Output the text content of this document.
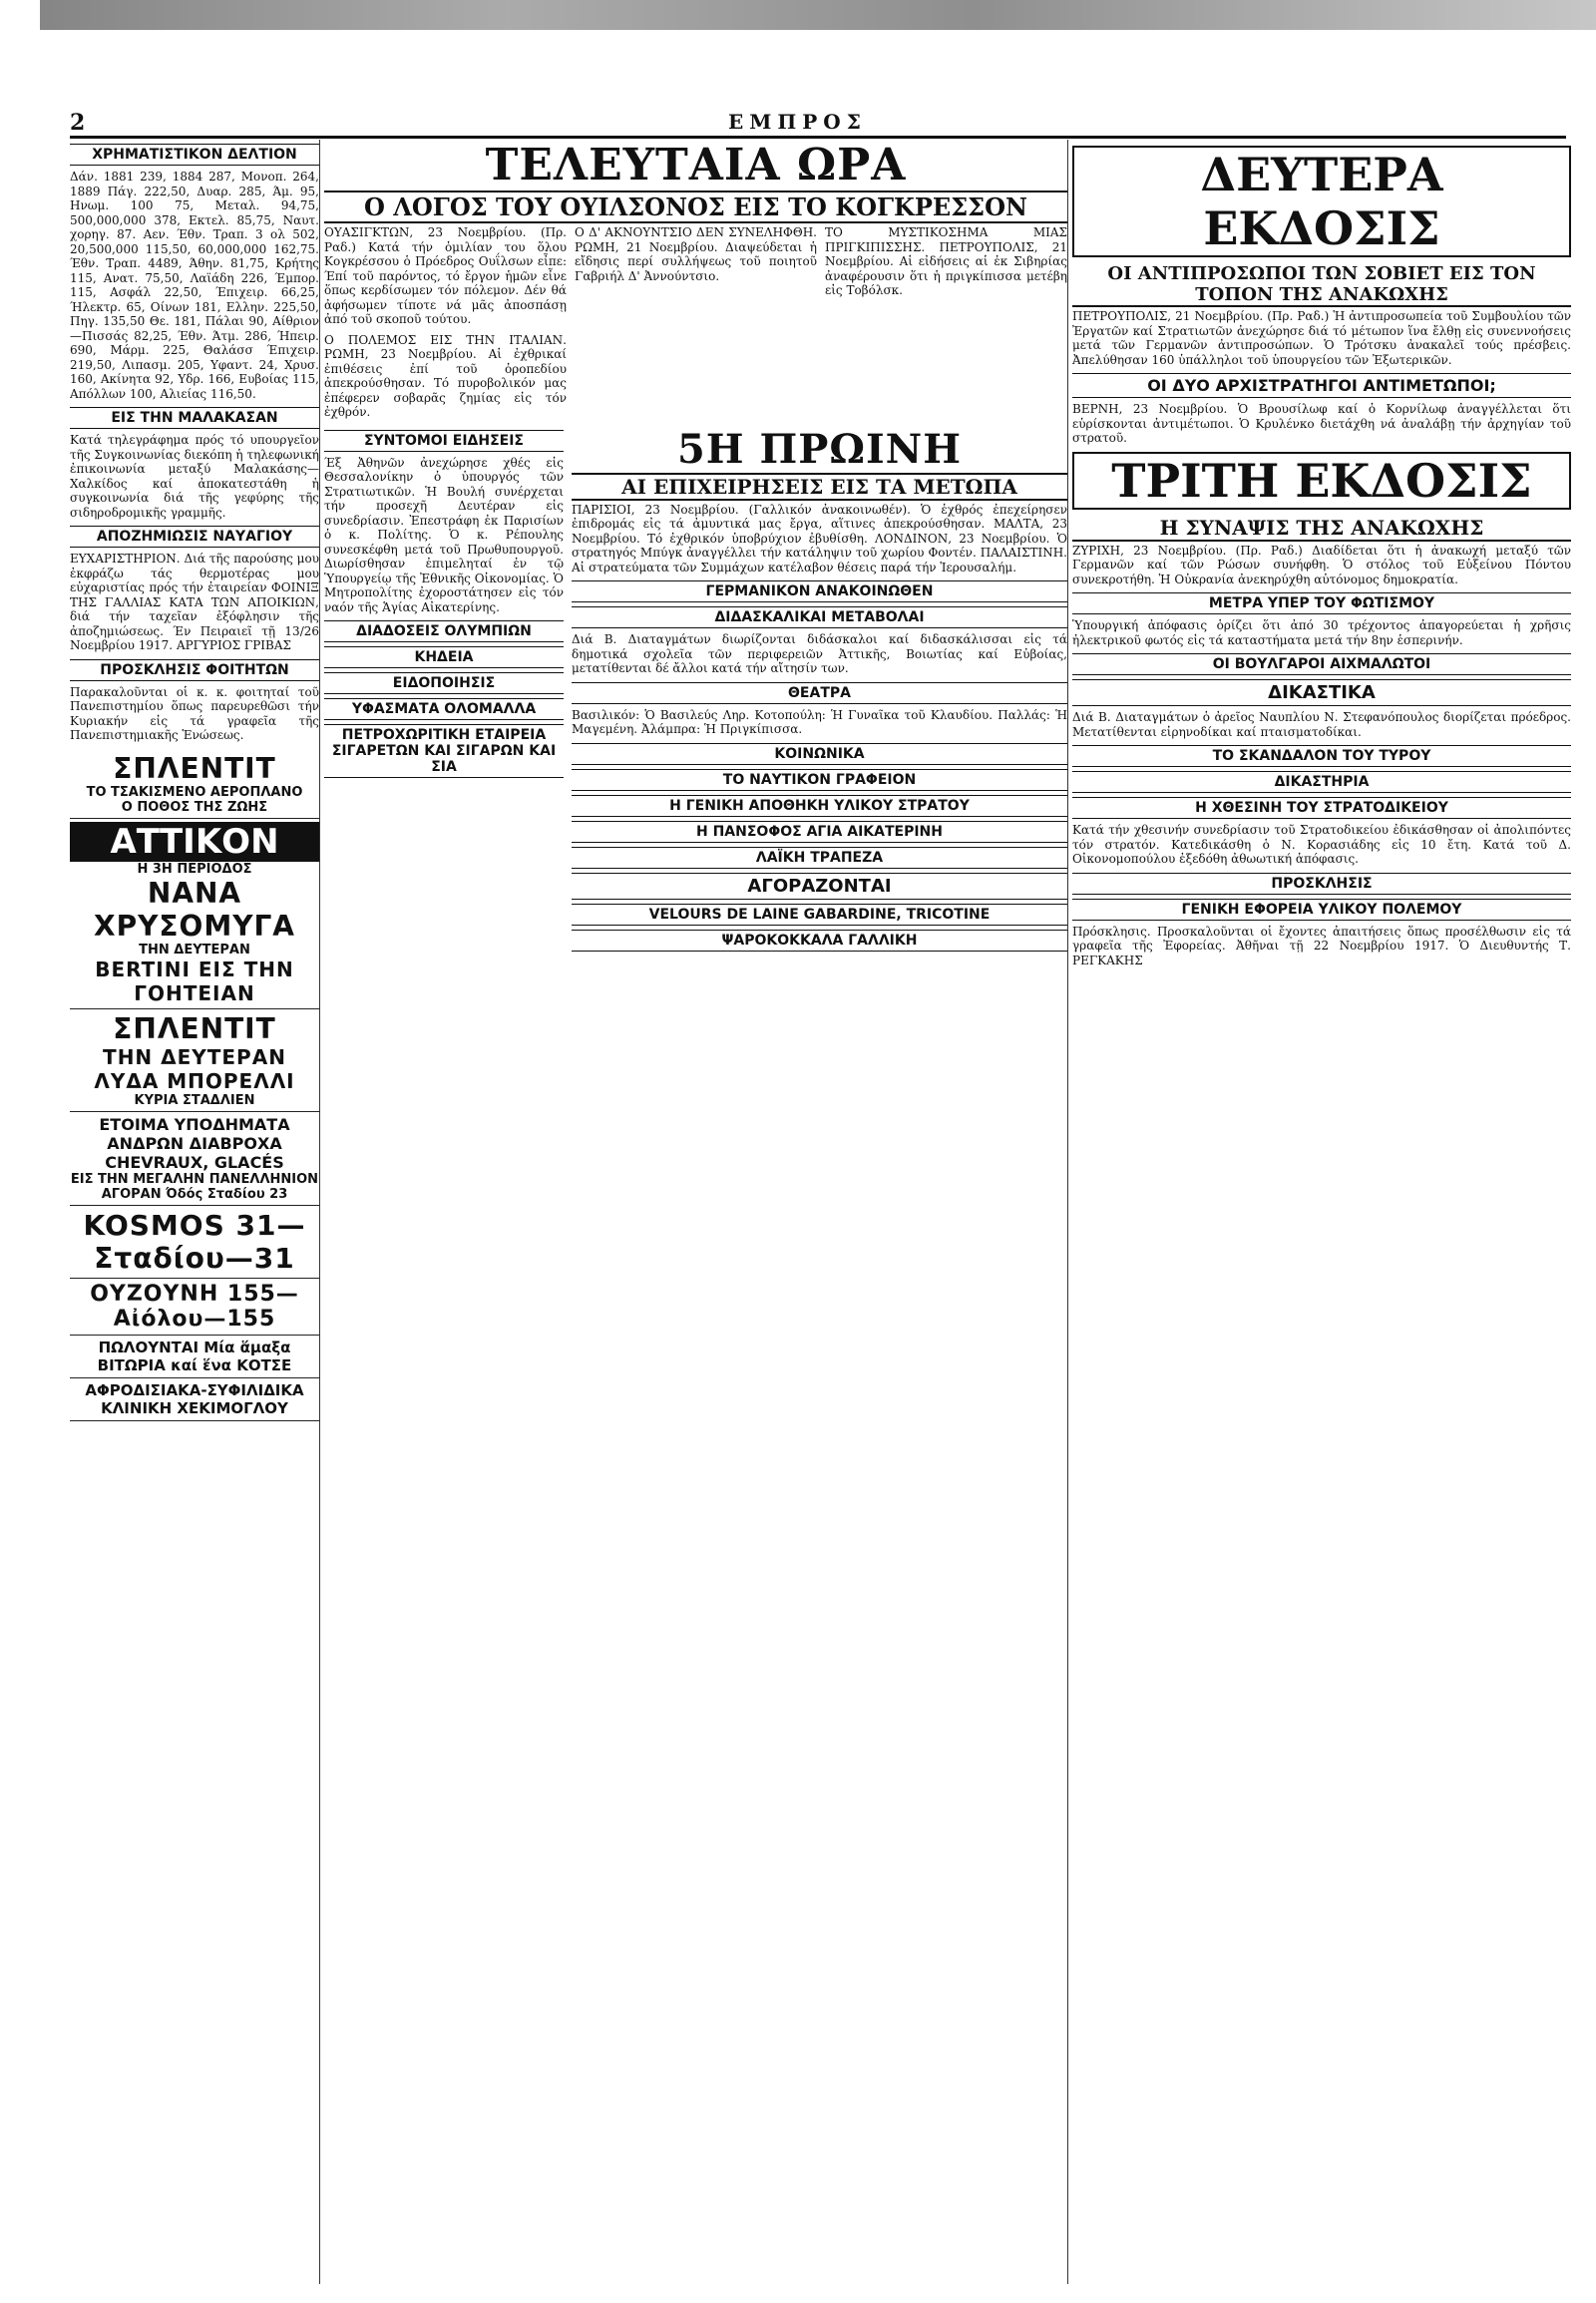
2	ΕΜΠΡΟΣ
ΧΡΗΜΑΤΙΣΤΙΚΟΝ ΔΕΛΤΙΟΝ

Δάν. 1881 239, 1884 287, Μονοπ. 264, 1889 Πάγ. 222,50, Δυαρ. 285, Άμ. 95, Ηνωμ. 100 75, Μεταλ. 94,75, 500,000,000 378, Εκτελ. 85,75, Ναυτ. χορηγ. 87. Αεν. Έθν. Τραπ. 3 ολ 502, 20,500,000 115,50, 60,000,000 162,75. Έθν. Τραπ. 4489, Άθην. 81,75, Κρήτης 115, Ανατ. 75,50, Λαϊάδη 226, Έμπορ. 115, Ασφάλ 22,50, Έπιχειρ. 66,25, Ήλεκτρ. 65, Οίνων 181, Ελλην. 225,50, Πηγ. 135,50 Θε. 181, Πάλαι 90, Αίθριον—Πισσάς 82,25, Έθν. Άτμ. 286, Ήπειρ. 690, Μάρμ. 225, Θαλάσσ Έπιχειρ. 219,50, Λιπασμ. 205, Υφαντ. 24, Χρυσ. 160, Ακίνητα 92, Υδρ. 166, Ευβοίας 115, Απόλλων 100, Αλιείας 116,50.

ΕΙΣ ΤΗΝ ΜΑΛΑΚΑΣΑΝ

Κατά τηλεγράφημα πρός τό υπουργεῖον τῆς Συγκοινωνίας διεκόπη ἡ τηλεφωνική ἐπικοινωνία μεταξύ Μαλακάσης—Χαλκίδος καί ἀποκατεστάθη ἡ συγκοινωνία διά τῆς γεφύρης τῆς σιδηροδρομικῆς γραμμῆς.

ΑΠΟΖΗΜΙΩΣΙΣ ΝΑΥΑΓΙΟΥ

ΕΥΧΑΡΙΣΤΗΡΙΟΝ. Διά τῆς παρούσης μου ἐκφράζω τάς θερμοτέρας μου εὐχαριστίας πρός τήν ἐταιρείαν ΦΟΙΝΙΞ ΤΗΣ ΓΑΛΛΙΑΣ ΚΑΤΑ ΤΩΝ ΑΠΟΙΚΙΩΝ, διά τήν ταχεῖαν ἐξόφλησιν τῆς ἀποζημιώσεως. Έν Πειραιεῖ τῇ 13/26 Νοεμβρίου 1917. ΑΡΓΥΡΙΟΣ ΓΡΙΒΑΣ

ΠΡΟΣΚΛΗΣΙΣ ΦΟΙΤΗΤΩΝ

Παρακαλοῦνται οἱ κ. κ. φοιτηταί τοῦ Πανεπιστημίου ὅπως παρευρεθῶσι τήν Κυριακήν εἰς τά γραφεῖα τῆς Πανεπιστημιακῆς Ἑνώσεως.

ΣΠΛΕΝΤΙΤ
ΤΟ ΤΣΑΚΙΣΜΕΝΟ ΑΕΡΟΠΛΑΝΟ
Ο ΠΟΘΟΣ ΤΗΣ ΖΩΗΣ
ΑΤΤΙΚΟΝ
Η 3Η ΠΕΡΙΟΔΟΣ
ΝΑΝΑ ΧΡΥΣΟΜΥΓΑ
ΤΗΝ ΔΕΥΤΕΡΑΝ
BERTINI ΕΙΣ ΤΗΝ ΓΟΗΤΕΙΑΝ
ΣΠΛΕΝΤΙΤ
ΤΗΝ ΔΕΥΤΕΡΑΝ ΛΥΔΑ ΜΠΟΡΕΛΛΙ
ΚΥΡΙΑ ΣΤΑΔΛΙΕΝ
ΕΤΟΙΜΑ ΥΠΟΔΗΜΑΤΑ ΑΝΔΡΩΝ ΔΙΑΒΡΟΧΑ CHEVRAUX, GLACÉS
ΕΙΣ ΤΗΝ ΜΕΓΑΛΗΝ ΠΑΝΕΛΛΗΝΙΟΝ ΑΓΟΡΑΝ Όδός Σταδίου 23
KOSMOS 31—Σταδίου—31
ΟΥΖΟΥΝΗ 155—Αἰόλου—155
ΠΩΛΟΥΝΤΑΙ Μία ἅμαξα ΒΙΤΩΡΙΑ καί ἕνα ΚΟΤΣΕ
ΑΦΡΟΔΙΣΙΑΚΑ-ΣΥΦΙΛΙΔΙΚΑ ΚΛΙΝΙΚΗ ΧΕΚΙΜΟΓΛΟΥ
ΤΕΛΕΥΤΑΙΑ ΩΡΑ
Ο ΛΟΓΟΣ ΤΟΥ ΟΥΙΛΣΟΝΟΣ ΕΙΣ ΤΟ ΚΟΓΚΡΕΣΣΟΝ

ΟΥΑΣΙΓΚΤΩΝ, 23 Νοεμβρίου. (Πρ. Ραδ.) Κατά τήν ὁμιλίαν του ὅλου Κογκρέσσου ὁ Πρόεδρος Ουΐλσων εἶπε: Έπί τοῦ παρόντος, τό ἔργον ἡμῶν εἶνε ὅπως κερδίσωμεν τόν πόλεμον. Δέν θά ἀφήσωμεν τίποτε νά μᾶς ἀποσπάσῃ ἀπό τοῦ σκοποῦ τούτου.

Ο ΠΟΛΕΜΟΣ ΕΙΣ ΤΗΝ ΙΤΑΛΙΑΝ. ΡΩΜΗ, 23 Νοεμβρίου. Αἱ ἐχθρικαί ἐπιθέσεις ἐπί τοῦ ὀροπεδίου ἀπεκρούσθησαν. Τό πυροβολικόν μας ἐπέφερεν σοβαρᾶς ζημίας εἰς τόν ἐχθρόν.

Ο Δ' ΑΚΝΟΥΝΤΣΙΟ ΔΕΝ ΣΥΝΕΛΗΦΘΗ. ΡΩΜΗ, 21 Νοεμβρίου. Διαψεύδεται ἡ εἴδησις περί συλλήψεως τοῦ ποιητοῦ Γαβριήλ Δ' Ἀννούντσιο.

ΤΟ ΜΥΣΤΙΚΟΣΗΜΑ ΜΙΑΣ ΠΡΙΓΚΙΠΙΣΣΗΣ. ΠΕΤΡΟΥΠΟΛΙΣ, 21 Νοεμβρίου. Αἱ εἰδήσεις αἱ ἐκ Σιβηρίας ἀναφέρουσιν ὅτι ἡ πριγκίπισσα μετέβη εἰς Τοβόλσκ.

ΣΥΝΤΟΜΟΙ ΕΙΔΗΣΕΙΣ

Έξ Ἀθηνῶν ἀνεχώρησε χθές εἰς Θεσσαλονίκην ὁ ὑπουργός τῶν Στρατιωτικῶν. Ἡ Βουλή συνέρχεται τήν προσεχῆ Δευτέραν εἰς συνεδρίασιν. Ἐπεστράφη ἐκ Παρισίων ὁ κ. Πολίτης. Ὁ κ. Ρέπουλης συνεσκέφθη μετά τοῦ Πρωθυπουργοῦ. Διωρίσθησαν ἐπιμεληταί ἐν τῷ Ὑπουργείῳ τῆς Ἐθνικῆς Οἰκονομίας. Ὁ Μητροπολίτης ἐχοροστάτησεν εἰς τόν ναόν τῆς Ἁγίας Αἰκατερίνης.

ΔΙΑΔΟΣΕΙΣ ΟΛΥΜΠΙΩΝ
ΚΗΔΕΙΑ
ΕΙΔΟΠΟΙΗΣΙΣ
ΥΦΑΣΜΑΤΑ ΟΛΟΜΑΛΛΑ
ΠΕΤΡΟΧΩΡΙΤΙΚΗ ΕΤΑΙΡΕΙΑ ΣΙΓΑΡΕΤΩΝ ΚΑΙ ΣΙΓΑΡΩΝ ΚΑΙ ΣΙΑ
5Η ΠΡΩΙΝΗ
ΑΙ ΕΠΙΧΕΙΡΗΣΕΙΣ ΕΙΣ ΤΑ ΜΕΤΩΠΑ

ΠΑΡΙΣΙΟΙ, 23 Νοεμβρίου. (Γαλλικόν ἀνακοινωθέν). Ὁ ἐχθρός ἐπεχείρησεν ἐπιδρομάς εἰς τά ἀμυντικά μας ἔργα, αἵτινες ἀπεκρούσθησαν. ΜΑΛΤΑ, 23 Νοεμβρίου. Τό ἐχθρικόν ὑποβρύχιον ἐβυθίσθη. ΛΟΝΔΙΝΟΝ, 23 Νοεμβρίου. Ὁ στρατηγός Μπύγκ ἀναγγέλλει τήν κατάληψιν τοῦ χωρίου Φοντέν. ΠΑΛΑΙΣΤΙΝΗ. Αἱ στρατεύματα τῶν Συμμάχων κατέλαβον θέσεις παρά τήν Ἱερουσαλήμ.

ΓΕΡΜΑΝΙΚΟΝ ΑΝΑΚΟΙΝΩΘΕΝ
ΔΙΔΑΣΚΑΛΙΚΑΙ ΜΕΤΑΒΟΛΑΙ

Διά Β. Διαταγμάτων διωρίζονται διδάσκαλοι καί διδασκάλισσαι εἰς τά δημοτικά σχολεῖα τῶν περιφερειῶν Ἀττικῆς, Βοιωτίας καί Εὐβοίας, μετατίθενται δέ ἄλλοι κατά τήν αἴτησίν των.

ΘΕΑΤΡΑ

Βασιλικόν: Ὁ Βασιλεύς Ληρ. Κοτοπούλη: Ἡ Γυναῖκα τοῦ Κλαυδίου. Παλλάς: Ἡ Μαγεμένη. Ἀλάμπρα: Ἡ Πριγκίπισσα.

ΚΟΙΝΩΝΙΚΑ
ΤΟ ΝΑΥΤΙΚΟΝ ΓΡΑΦΕΙΟΝ
Η ΓΕΝΙΚΗ ΑΠΟΘΗΚΗ ΥΛΙΚΟΥ ΣΤΡΑΤΟΥ
Η ΠΑΝΣΟΦΟΣ ΑΓΙΑ ΑΙΚΑΤΕΡΙΝΗ
ΛΑΪΚΗ ΤΡΑΠΕΖΑ
ΑΓΟΡΑΖΟΝΤΑΙ
VELOURS DE LAINE GABARDINE, TRICOTINE
ΨΑΡΟΚΟΚΚΑΛΑ ΓΑΛΛΙΚΗ
ΔΕΥΤΕΡΑ ΕΚΔΟΣΙΣ
ΟΙ ΑΝΤΙΠΡΟΣΩΠΟΙ ΤΩΝ ΣΟΒΙΕΤ ΕΙΣ ΤΟΝ ΤΟΠΟΝ ΤΗΣ ΑΝΑΚΩΧΗΣ

ΠΕΤΡΟΥΠΟΛΙΣ, 21 Νοεμβρίου. (Πρ. Ραδ.) Ἡ ἀντιπροσωπεία τοῦ Συμβουλίου τῶν Ἐργατῶν καί Στρατιωτῶν ἀνεχώρησε διά τό μέτωπον ἵνα ἔλθῃ εἰς συνεννοήσεις μετά τῶν Γερμανῶν ἀντιπροσώπων. Ὁ Τρότσκυ ἀνακαλεῖ τούς πρέσβεις. Ἀπελύθησαν 160 ὑπάλληλοι τοῦ ὑπουργείου τῶν Ἐξωτερικῶν.

ΟΙ ΔΥΟ ΑΡΧΙΣΤΡΑΤΗΓΟΙ ΑΝΤΙΜΕΤΩΠΟΙ;

ΒΕΡΝΗ, 23 Νοεμβρίου. Ὁ Βρουσίλωφ καί ὁ Κορνίλωφ ἀναγγέλλεται ὅτι εὑρίσκονται ἀντιμέτωποι. Ὁ Κρυλένκο διετάχθη νά ἀναλάβῃ τήν ἀρχηγίαν τοῦ στρατοῦ.

ΤΡΙΤΗ ΕΚΔΟΣΙΣ
Η ΣΥΝΑΨΙΣ ΤΗΣ ΑΝΑΚΩΧΗΣ

ΖΥΡΙΧΗ, 23 Νοεμβρίου. (Πρ. Ραδ.) Διαδίδεται ὅτι ἡ ἀνακωχή μεταξύ τῶν Γερμανῶν καί τῶν Ρώσων συνήφθη. Ὁ στόλος τοῦ Εὐξείνου Πόντου συνεκροτήθη. Ἡ Οὐκρανία ἀνεκηρύχθη αὐτόνομος δημοκρατία.

ΜΕΤΡΑ ΥΠΕΡ ΤΟΥ ΦΩΤΙΣΜΟΥ

Ὑπουργική ἀπόφασις ὁρίζει ὅτι ἀπό 30 τρέχοντος ἀπαγορεύεται ἡ χρῆσις ἠλεκτρικοῦ φωτός εἰς τά καταστήματα μετά τήν 8ην ἑσπερινήν.

ΟΙ ΒΟΥΛΓΑΡΟΙ ΑΙΧΜΑΛΩΤΟΙ
ΔΙΚΑΣΤΙΚΑ

Διά Β. Διαταγμάτων ὁ ἀρεῖος Ναυπλίου Ν. Στεφανόπουλος διορίζεται πρόεδρος. Μετατίθενται εἰρηνοδίκαι καί πταισματοδίκαι.

ΤΟ ΣΚΑΝΔΑΛΟΝ ΤΟΥ ΤΥΡΟΥ
ΔΙΚΑΣΤΗΡΙΑ
Η ΧΘΕΣΙΝΗ ΤΟΥ ΣΤΡΑΤΟΔΙΚΕΙΟΥ

Κατά τήν χθεσινήν συνεδρίασιν τοῦ Στρατοδικείου ἐδικάσθησαν οἱ ἀπολιπόντες τόν στρατόν. Κατεδικάσθη ὁ Ν. Κορασιάδης εἰς 10 ἔτη. Κατά τοῦ Δ. Οἰκονομοπούλου ἐξεδόθη ἀθωωτική ἀπόφασις.

ΠΡΟΣΚΛΗΣΙΣ
ΓΕΝΙΚΗ ΕΦΟΡΕΙΑ ΥΛΙΚΟΥ ΠΟΛΕΜΟΥ

Πρόσκλησις. Προσκαλοῦνται οἱ ἔχοντες ἀπαιτήσεις ὅπως προσέλθωσιν εἰς τά γραφεῖα τῆς Ἐφορείας. Ἀθῆναι τῇ 22 Νοεμβρίου 1917. Ὁ Διευθυντής Τ. ΡΕΓΚΑΚΗΣ
